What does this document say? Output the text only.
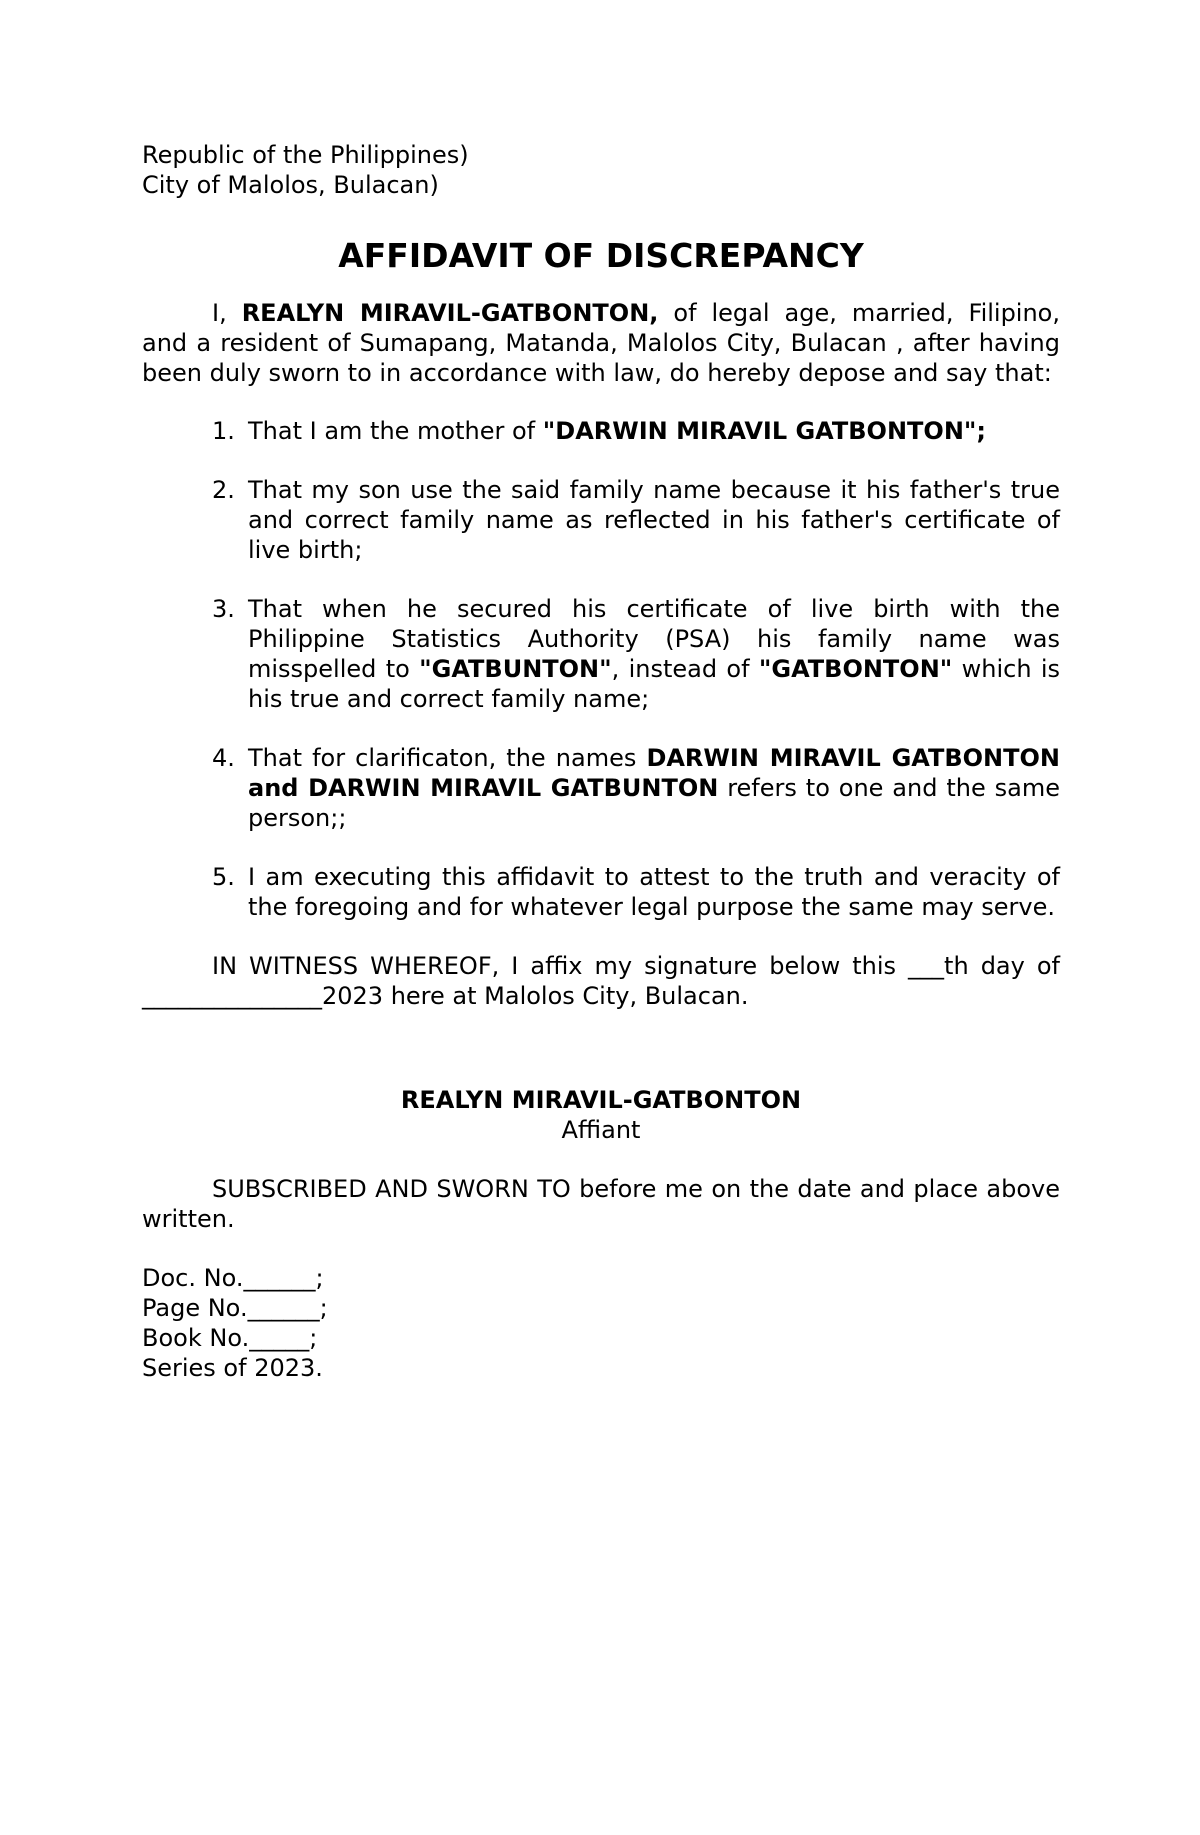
Republic of the Philippines)

City of Malolos, Bulacan)

AFFIDAVIT OF DISCREPANCY

I, REALYN MIRAVIL-GATBONTON, of legal age, married, Filipino, and a resident of Sumapang, Matanda, Malolos City, Bulacan , after having been duly sworn to in accordance with law, do hereby depose and say that:

1. That I am the mother of "DARWIN MIRAVIL GATBONTON";
2. That my son use the said family name because it his father's true and correct family name as reflected in his father's certificate of live birth;
3. That when he secured his certificate of live birth with the Philippine Statistics Authority (PSA) his family name was misspelled to "GATBUNTON", instead of "GATBONTON" which is his true and correct family name;
4. That for clarificaton, the names DARWIN MIRAVIL GATBONTON and DARWIN MIRAVIL GATBUNTON refers to one and the same person;;
5. I am executing this affidavit to attest to the truth and veracity of the foregoing and for whatever legal purpose the same may serve.

IN WITNESS WHEREOF, I affix my signature below this ___th day of _______________2023 here at Malolos City, Bulacan.

REALYN MIRAVIL-GATBONTON
Affiant

SUBSCRIBED AND SWORN TO before me on the date and place above written.

Doc. No.______;
Page No.______;
Book No._____;
Series of 2023.
